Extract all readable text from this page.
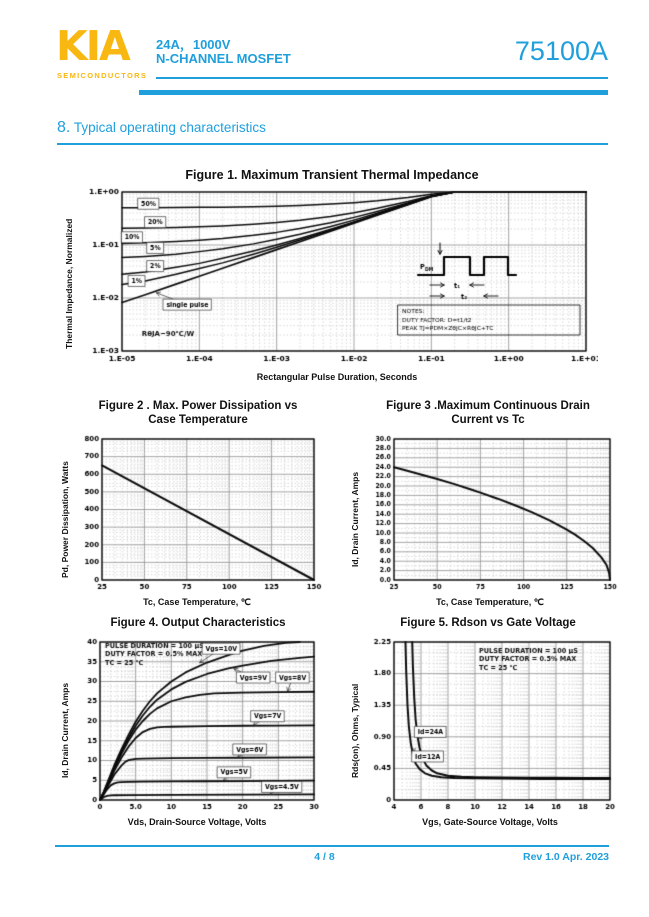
KIA
SEMICONDUCTORS
24A，1000V
N-CHANNEL MOSFET	75100A
8. Typical operating characteristics
Figure 1. Maximum Transient Thermal Impedance
Thermal Impedance, Normalized
Rectangular Pulse Duration, Seconds
Figure 2 . Max. Power Dissipation vs Case Temperature
Pd, Power Dissipation, Watts
Tc, Case Temperature, ℃
Figure 3 .Maximum Continuous Drain Current vs Tc
Id, Drain Current, Amps
Tc, Case Temperature, ℃
Figure 4. Output Characteristics
Id, Drain Current, Amps
Vds, Drain-Source Voltage, Volts
Figure 5. Rdson vs Gate Voltage
Rds(on), Ohms, Typical
Vgs, Gate-Source Voltage, Volts
4 / 8	Rev 1.0 Apr. 2023
